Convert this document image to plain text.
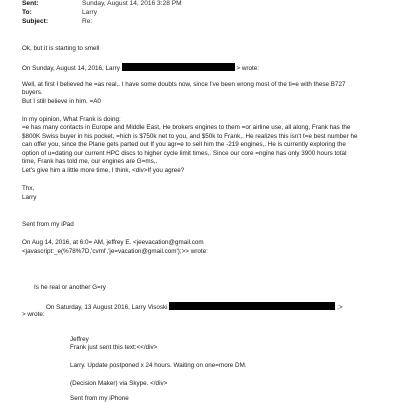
Sent:	Sunday, August 14, 2016 3:28 PM
To:	Larry
Subject:	Re:
Ok, but it is starting to smell
On Sunday, August 14, 2016, Larry	> wrote:
Well, at first I believed he =as real,. I have some doubts now, since I've been wrong most of the ti=e with these B727
buyers.
But I still believe in him. =A0
In my opinion, What Frank is doing:
=e has many contacts in Europe and Middle East, He brokers engines to them =or airline use, all along, Frank has the
$800K Swiss buyer in his pocket, =hich is $750k net to you, and $50k to Frank,. He realizes this isn't t=e best number he
can offer you, since the Plane gets parted out If you agr=e to sell him the -219 engines,. He is currently exploring the
option of u=dating our current HPC discs to higher cycle limit times,. Since our core =ngine has only 3900 hours total
time, Frank has told me, our engines are G=ms,.
Let's give him a little more time, I think, <div>If you agree?
Thx,
Larry
Sent from my iPad
On Aug 14, 2016, at 6:0= AM, jeffrey E. <jeevacation@gmail.com
<javascript:_e(%78%7D,'cvml','je=vacation@gmail.com');>> wrote:
Is he real or another G=ry
On Saturday, 13 August 2016, Larry Visoski	;>
> wrote:
Jeffrey
Frank just sent this text:<</div>
Larry. Update postponed x 24 hours. Waiting on one=more DM.
(Decision Maker) via Skype. </div>
Sent from my iPhone
